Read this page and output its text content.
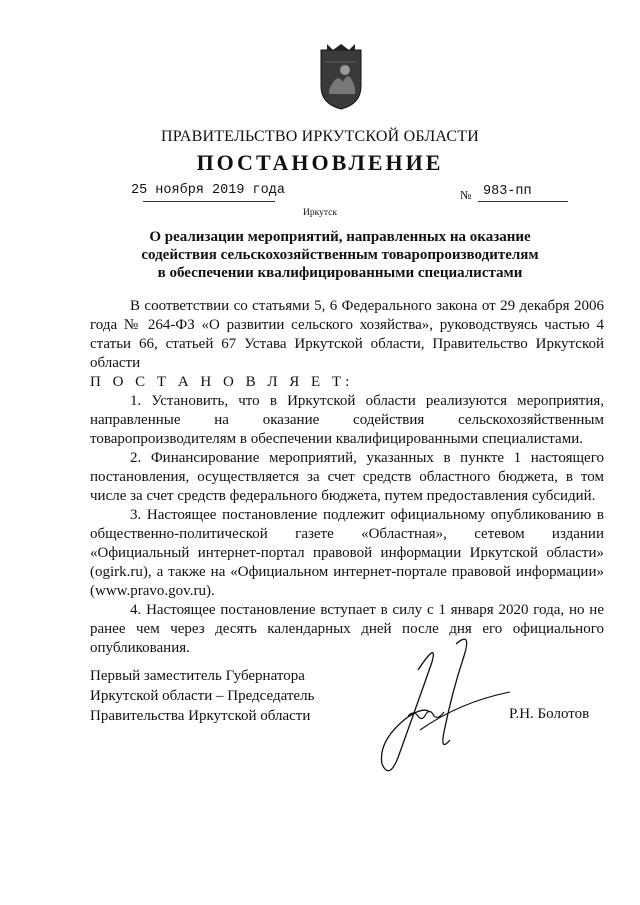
ПРАВИТЕЛЬСТВО ИРКУТСКОЙ ОБЛАСТИ
ПОСТАНОВЛЕНИЕ
25 ноября 2019 года	№ 983-пп
Иркутск
О реализации мероприятий, направленных на оказание
содействия сельскохозяйственным товаропроизводителям
в обеспечении квалифицированными специалистами

В соответствии со статьями 5, 6 Федерального закона от 29 декабря 2006 года № 264-ФЗ «О развитии сельского хозяйства», руководствуясь частью 4 статьи 66, статьей 67 Устава Иркутской области, Правительство Иркутской области

П О С Т А Н О В Л Я Е Т:

1. Установить, что в Иркутской области реализуются мероприятия, направленные на оказание содействия сельскохозяйственным товаропроизводителям в обеспечении квалифицированными специалистами.

2. Финансирование мероприятий, указанных в пункте 1 настоящего постановления, осуществляется за счет средств областного бюджета, в том числе за счет средств федерального бюджета, путем предоставления субсидий.

3. Настоящее постановление подлежит официальному опубликованию в общественно-политической газете «Областная», сетевом издании «Официальный интернет-портал правовой информации Иркутской области» (ogirk.ru), а также на «Официальном интернет-портале правовой информации» (www.pravo.gov.ru).

4. Настоящее постановление вступает в силу с 1 января 2020 года, но не ранее чем через десять календарных дней после дня его официального опубликования.

Первый заместитель Губернатора
Иркутской области – Председатель
Правительства Иркутской области	Р.Н. Болотов
